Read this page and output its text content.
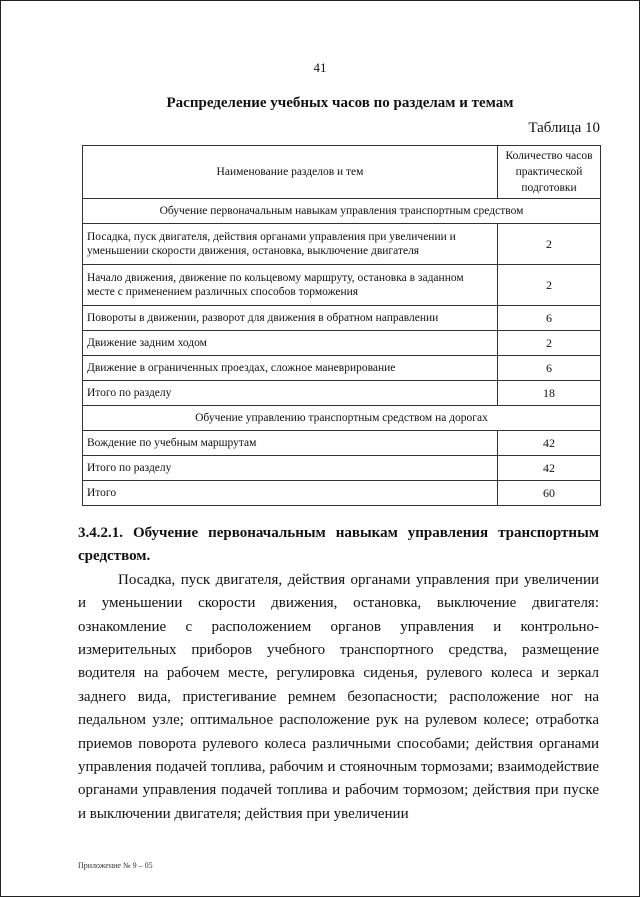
41
Распределение учебных часов по разделам и темам
Таблица 10
Наименование разделов и тем	Количество часов практической подготовки
Обучение первоначальным навыкам управления транспортным средством	
Посадка, пуск двигателя, действия органами управления при увеличении и уменьшении скорости движения, остановка, выключение двигателя	2
Начало движения, движение по кольцевому маршруту, остановка в заданном месте с применением различных способов торможения	2
Повороты в движении, разворот для движения в обратном направлении	6
Движение задним ходом	2
Движение в ограниченных проездах, сложное маневрирование	6
Итого по разделу	18
Обучение управлению транспортным средством на дорогах	
Вождение по учебным маршрутам	42
Итого по разделу	42
Итого	60

3.4.2.1. Обучение первоначальным навыкам управления транспортным средством.

Посадка, пуск двигателя, действия органами управления при увеличении и уменьшении скорости движения, остановка, выключение двигателя: ознакомление с расположением органов управления и контрольно-измерительных приборов учебного транспортного средства, размещение водителя на рабочем месте, регулировка сиденья, рулевого колеса и зеркал заднего вида, пристегивание ремнем безопасности; расположение ног на педальном узле; оптимальное расположение рук на рулевом колесе; отработка приемов поворота рулевого колеса различными способами; действия органами управления подачей топлива, рабочим и стояночным тормозами; взаимодействие органами управления подачей топлива и рабочим тормозом; действия при пуске и выключении двигателя; действия при увеличении

Приложение № 9 – 05
